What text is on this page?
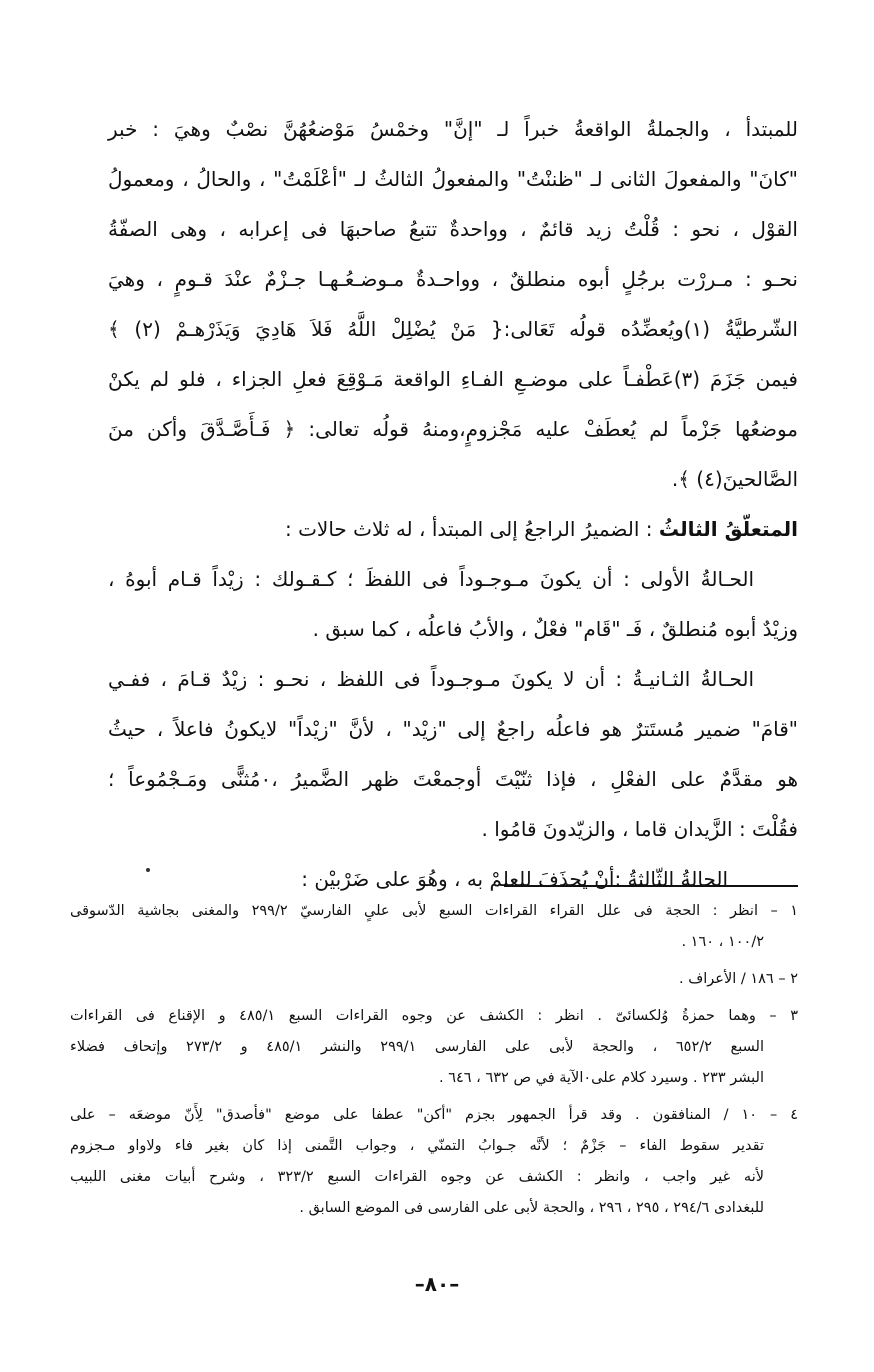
للمبتدأ ، والجملةُ الواقعةُ خبراً لـ "إنَّ" وخمْسُ مَوْضعُهُنَّ نصْبٌ وهيَ : خبر
"كانَ" والمفعولَ الثانى لـ "ظننْتُ" والمفعولُ الثالثُ لـ "أعْلَمْتُ" ، والحالُ ، ومعمولُ
القوْل ، نحو : قُلْتُ زيد قائمٌ ، وواحدةٌ تتبعُ صاحبهَا فى إعرابه ، وهى الصفّةُ
نحـو : مـررْت برجُلٍ أبوه منطلقٌ ، وواحـدةٌ مـوضـعُـهـا جـزْمٌ عنْدَ قـومٍ ، وهيَ
الشّرطيَّةُ (١)ويُعضِّدُه قولُه تَعَالى:{ مَنْ يُضْلِلْ اللَّهُ فَلاَ هَادِيَ وَيَذَرْهـمْ (٢) ﴾
فيمن جَزَمَ (٣)عَطْفـاً على موضـعِ الفـاءِ الواقعة مَـوْقِعَ فعلِ الجزاء ، فلو لم يكنْ
موضعُها جَزْماً لم يُعطَفْ عليه مَجْزومٍ،ومنهُ قولُه تعالى: ﴿ فَـأَصَّـدَّقَ وأكن منَ
الصَّالحينَ(٤) ﴾.
المتعلّقُ الثالثُ : الضميرُ الراجعُ إلى المبتدأ ، له ثلاث حالات :
الحـالةُ الأولى : أن يكونَ مـوجـوداً فى اللفظَ ؛ كـقـولك : زيْداً قـام أبوهُ ،
وزيْدٌ أبوه مُنطلقٌ ، فَـ "قَام" فعْلٌ ، والأبُ فاعلُه ، كما سبق .
الحـالةُ الثـانيـةُ : أن لا يكونَ مـوجـوداً فى اللفظ ، نحـو : زيْدٌ قـامَ ، ففـي
"قامَ" ضمير مُستَترٌ هو فاعلُه راجعٌ إلى "زيْد" ، لأنَّ "زيْداً" لايكونُ فاعلاً ، حيثُ
هو مقدَّمٌ على الفعْلِ ، فإذا ثنّيْتَ أوجمعْتَ ظهر الضَّميرُ ،٠مُثنًّى ومَـجْمُوعاً ؛
فقُلْتَ : الزَّيدان قاما ، والزيّدونَ قامُوا .
الحالةُ الثّالثةُ :أنْ يُحذَفَ للعلمْ به ، وهُوَ على ضَرْبيْن :
١ – انظر : الحجة فى علل القراء القراءات السبع لأبى علىٍ الفارسيّ ٢٩٩/٢ والمغنى بجاشية الدّسوقى
١٠٠/٢ ، ١٦٠ .
٢ – ١٨٦ / الأعراف .
٣ – وهما حمزةُ وُلكسائىّ . انظر : الكشف عن وجوه القراءات السبع ٤٨٥/١ و الإقناع فى القراءات
السبع ٦٥٢/٢ ، والحجة لأبى على الفارسى ٢٩٩/١ والنشر ٤٨٥/١ و ٢٧٣/٢ وإتحاف فضلاء
البشر ٢٣٣ . وسيرد كلام على٠الآية في ص ٦٣٢ ، ٦٤٦ .
٤ – ١٠ / المنافقون . وقد قرأ الجمهور بجزم "أكن" عطفا على موضع "فأصدق" لِأَنّ موضعَه – على
تقدير سقوط الفاء – جَزْمٌ ؛ لأنَّه جـوابُ التمنّي ، وجواب التَّمنى إذا كان بغير فاء ولاواو مـجزوم
لأنه غير واجب ، وانظر : الكشف عن وجوه القراءات السبع ٣٢٣/٢ ، وشرح أبيات مغنى اللبيب
للبغدادى ٢٩٤/٦ ، ٢٩٥ ، ٢٩٦ ، والحجة لأبى على الفارسى فى الموضع السابق .
–٨٠–
